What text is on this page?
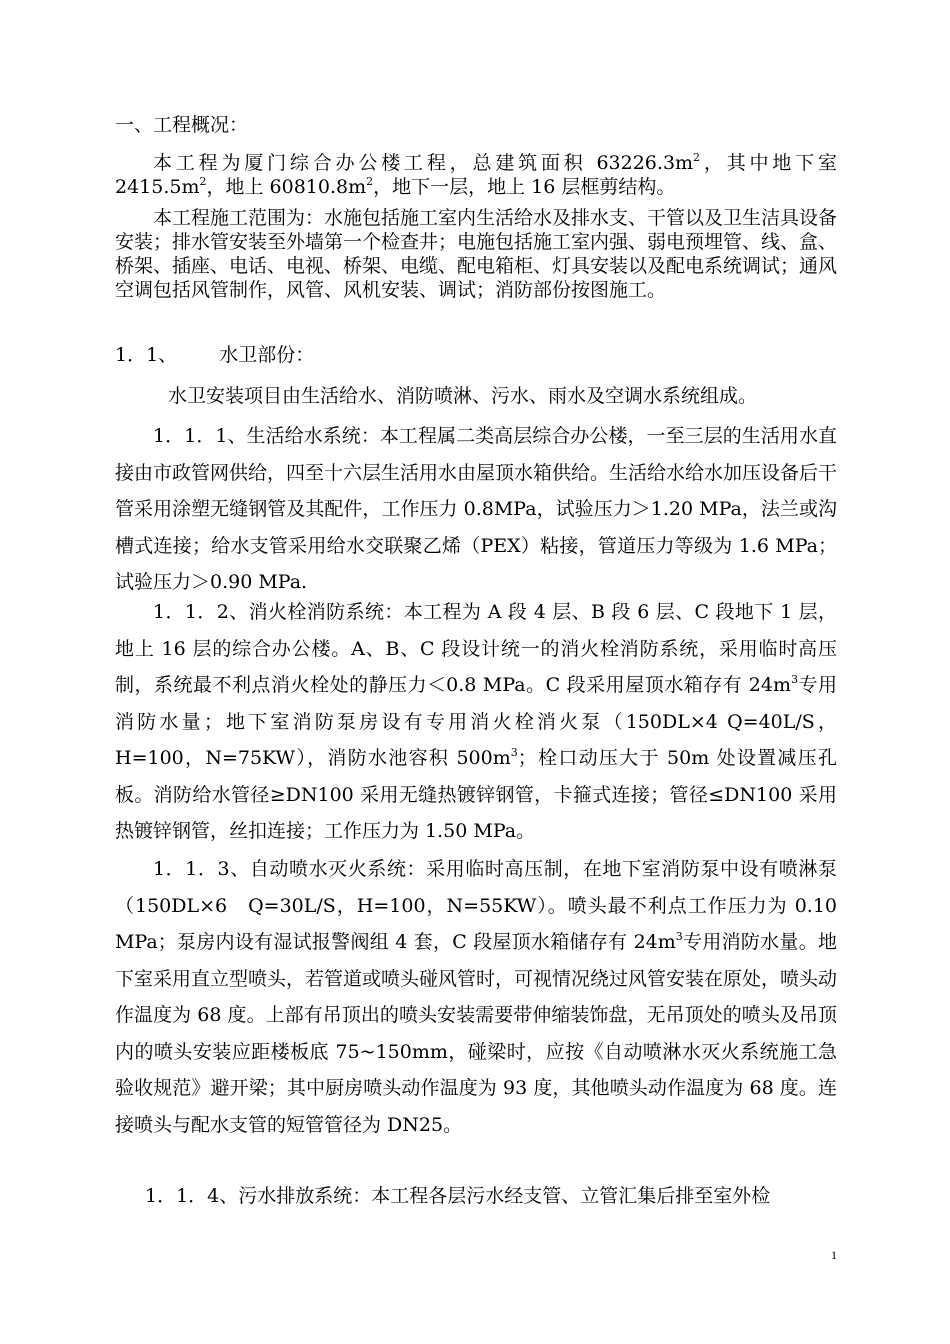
一、工程概况：

本工程为厦门综合办公楼工程，总建筑面积 $63226.3m^2$，其中地下室$2415.5m^2$，地上 $60810.8m^2$，地下一层，地上 16 层框剪结构。

本工程施工范围为：水施包括施工室内生活给水及排水支、干管以及卫生洁具设备安装；排水管安装至外墙第一个检查井；电施包括施工室内强、弱电预埋管、线、盒、桥架、插座、电话、电视、桥架、电缆、配电箱柜、灯具安装以及配电系统调试；通风空调包括风管制作，风管、风机安装、调试；消防部份按图施工。

1．1、 水卫部份：
水卫安装项目由生活给水、消防喷淋、污水、雨水及空调水系统组成。

1．1．1、生活给水系统：本工程属二类高层综合办公楼，一至三层的生活用水直接由市政管网供给，四至十六层生活用水由屋顶水箱供给。生活给水给水加压设备后干管采用涂塑无缝钢管及其配件，工作压力 0.8MPa，试验压力＞1.20 MPa，法兰或沟槽式连接；给水支管采用给水交联聚乙烯（PEX）粘接，管道压力等级为 1.6 MPa；试验压力＞0.90 MPa.

1．1．2、消火栓消防系统：本工程为 A 段 4 层、B 段 6 层、C 段地下 1 层，地上 16 层的综合办公楼。A、B、C 段设计统一的消火栓消防系统，采用临时高压制，系统最不利点消火栓处的静压力＜0.8 MPa。C 段采用屋顶水箱存有 $24m^3$专用消防水量；地下室消防泵房设有专用消火栓消火泵（150DL×4 Q=40L/S，H=100，N=75KW），消防水池容积 $500m^3$；栓口动压大于 50m 处设置减压孔板。消防给水管径≥DN100 采用无缝热镀锌钢管，卡箍式连接；管径≤DN100 采用热镀锌钢管，丝扣连接；工作压力为 1.50 MPa。

1．1．3、自动喷水灭火系统：采用临时高压制，在地下室消防泵中设有喷淋泵（150DL×6　Q=30L/S，H=100，N=55KW）。喷头最不利点工作压力为 0.10 MPa；泵房内设有湿试报警阀组 4 套，C 段屋顶水箱储存有 $24m^3$专用消防水量。地下室采用直立型喷头，若管道或喷头碰风管时，可视情况绕过风管安装在原处，喷头动作温度为 68 度。上部有吊顶出的喷头安装需要带伸缩装饰盘，无吊顶处的喷头及吊顶内的喷头安装应距楼板底 75~150mm，碰梁时，应按《自动喷淋水灭火系统施工急验收规范》避开梁；其中厨房喷头动作温度为 93 度，其他喷头动作温度为 68 度。连接喷头与配水支管的短管管径为 DN25。

1．1．4、污水排放系统：本工程各层污水经支管、立管汇集后排至室外检

1
